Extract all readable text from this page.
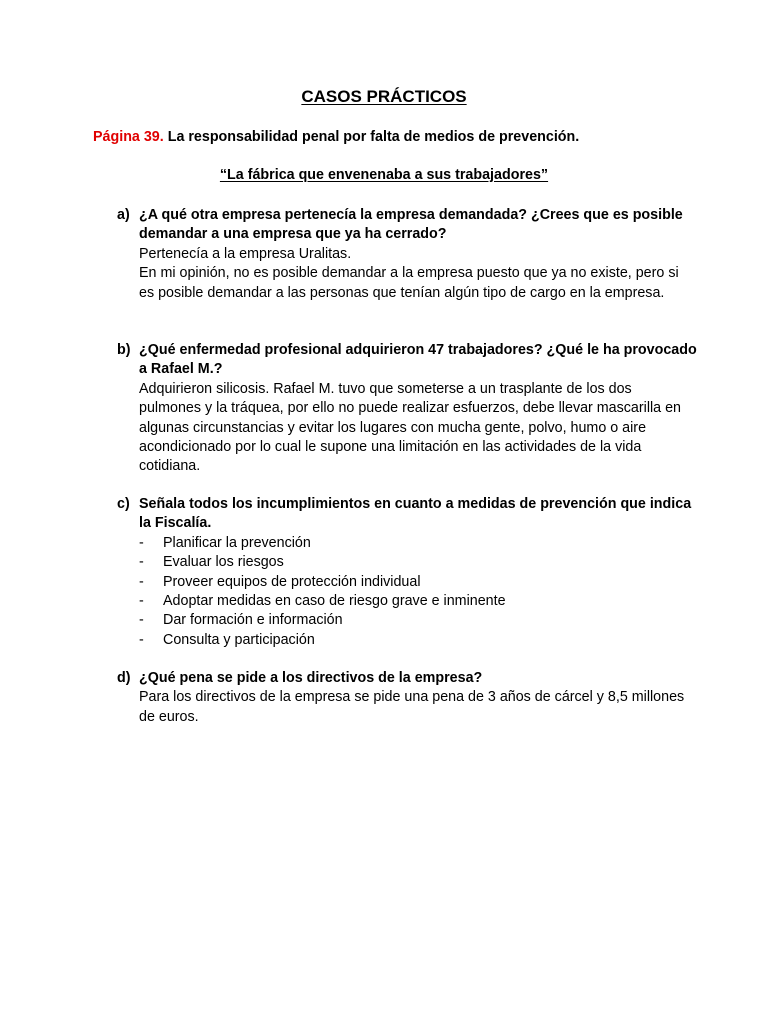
CASOS PRÁCTICOS
Página 39. La responsabilidad penal por falta de medios de prevención.
“La fábrica que envenenaba a sus trabajadores”
a) ¿A qué otra empresa pertenecía la empresa demandada? ¿Crees que es posible demandar a una empresa que ya ha cerrado?
Pertenecía a la empresa Uralitas.
En mi opinión, no es posible demandar a la empresa puesto que ya no existe, pero si es posible demandar a las personas que tenían algún tipo de cargo en la empresa.
b) ¿Qué enfermedad profesional adquirieron 47 trabajadores? ¿Qué le ha provocado a Rafael M.?
Adquirieron silicosis. Rafael M. tuvo que someterse a un trasplante de los dos pulmones y la tráquea, por ello no puede realizar esfuerzos, debe llevar mascarilla en algunas circunstancias y evitar los lugares con mucha gente, polvo, humo o aire acondicionado por lo cual le supone una limitación en las actividades de la vida cotidiana.
c) Señala todos los incumplimientos en cuanto a medidas de prevención que indica la Fiscalía.
- Planificar la prevención
- Evaluar los riesgos
- Proveer equipos de protección individual
- Adoptar medidas en caso de riesgo grave e inminente
- Dar formación e información
- Consulta y participación
d) ¿Qué pena se pide a los directivos de la empresa?
Para los directivos de la empresa se pide una pena de 3 años de cárcel y 8,5 millones de euros.
